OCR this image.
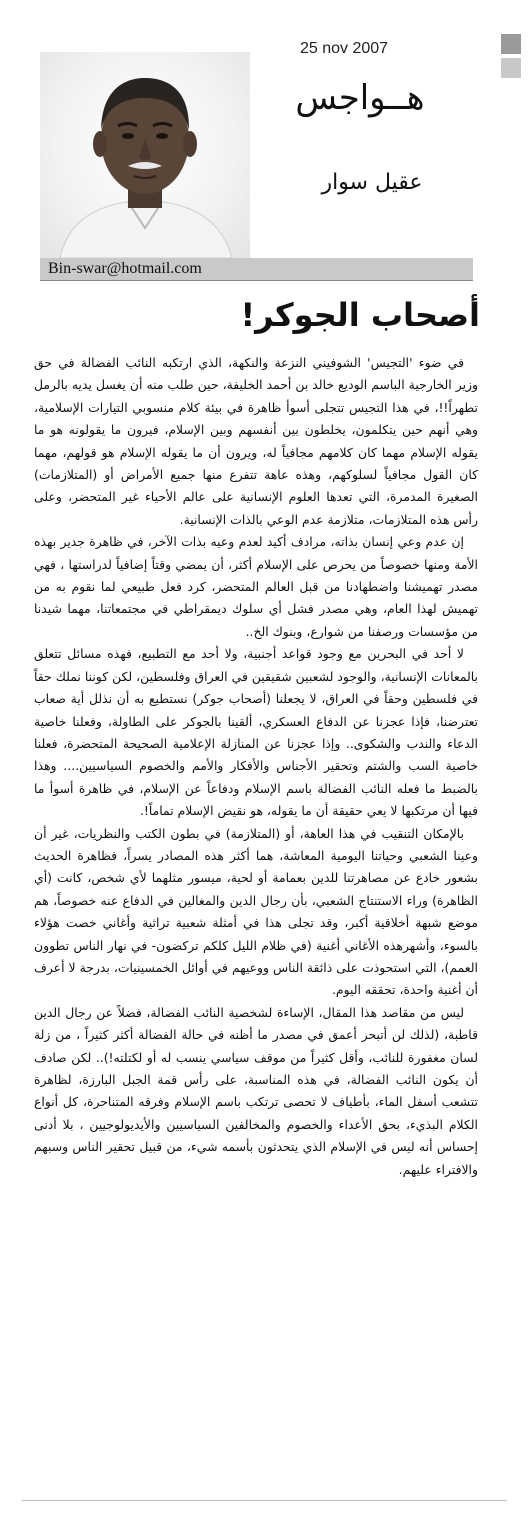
25 nov 2007
هــواجس
عقيل سوار
Bin-swar@hotmail.com
أصحاب الجوكر!

في ضوء 'التجيس' الشوفيني النزعة والنكهة، الذي ارتكبه النائب الفضالة في حق وزير الخارجية الباسم الوديع خالد بن أحمد الخليفة، حين طلب منه أن يغسل يديه بالرمل تطهراً!!، في هذا التجيس تتجلى أسوأ ظاهرة في بيئة كلام منسوبي التيارات الإسلامية، وهي أنهم حين يتكلمون، يخلطون بين أنفسهم وبين الإسلام، فيرون ما يقولونه هو ما يقوله الإسلام مهما كان كلامهم مجافياً له، ويرون أن ما يقوله الإسلام هو قولهم، مهما كان القول مجافياً لسلوكهم، وهذه عاهة تتفرع منها جميع الأمراض أو (المتلازمات) الصغيرة المدمرة، التي تعدها العلوم الإنسانية على عالم الأحياء غير المتحضر، وعلى رأس هذه المتلازمات، متلازمة عدم الوعي بالذات الإنسانية.

إن عدم وعي إنسان بذاته، مرادف أكيد لعدم وعيه بذات الآخر، في ظاهرة جدير بهذه الأمة ومنها خصوصاً من يحرص على الإسلام أكثر، أن يمضي وقتاً إضافياً لدراستها ، فهي مصدر تهميشنا واضطهادنا من قبل العالم المتحضر، كرد فعل طبيعي لما نقوم به من تهميش لهذا العام، وهي مصدر فشل أي سلوك ديمقراطي في مجتمعاتنا، مهما شيدنا من مؤسسات ورصفنا من شوارع، وبنوك الخ..

لا أحد في البحرين مع وجود قواعد أجنبية، ولا أحد مع التطبيع، فهذه مسائل تتعلق بالمعانات الإنسانية، والوجود لشعبين شقيقين في العراق وفلسطين، لكن كوننا نملك حقاً في فلسطين وحقاً في العراق، لا يجعلنا (أصحاب جوكر) نستطيع به أن نذلل أية صعاب تعترضنا، فإذا عجزنا عن الدفاع العسكري، ألقينا بالجوكر على الطاولة، وفعلنا خاصية الدعاء والندب والشكوى.. وإذا عجزنا عن المنازلة الإعلامية الصحيحة المتحضرة، فعلنا خاصية السب والشتم وتحقير الأجناس والأفكار والأمم والخصوم السياسيين.... وهذا بالضبط ما فعله النائب الفضالة باسم الإسلام ودفاعاً عن الإسلام، في ظاهرة أسوأ ما فيها أن مرتكبها لا يعي حقيقة أن ما يقوله، هو نقيض الإسلام تماماً!.

بالإمكان التنقيب في هذا العاهة، أو (المتلازمة) في بطون الكتب والنظريات، غير أن وعينا الشعبي وحياتنا اليومية المعاشة، هما أكثر هذه المصادر يسراً، فظاهرة الحديث بشعور خادع عن مصاهرتنا للدين بعمامة أو لحية، ميسور مثلهما لأي شخص، كانت (أي الظاهرة) وراء الاستنتاج الشعبي، بأن رجال الدين والمغالين في الدفاع عنه خصوصاً، هم موضع شبهة أخلاقية أكبر، وقد تجلى هذا في أمثلة شعبية تراثية وأغاني خصت هؤلاء بالسوء، وأشهرهذه الأغاني أغنية (في ظلام الليل كلكم تركضون- في نهار الناس تطوون العمم)، التي استحوذت على ذائقة الناس ووعيهم في أوائل الخمسينيات، بدرجة لا أعرف أن أغنية واحدة، تحققه اليوم.

ليس من مقاصد هذا المقال، الإساءة لشخصية النائب الفضالة، فضلاً عن رجال الدين قاطبة، (لذلك لن أتبحر أعمق في مصدر ما أظنه في حالة الفضالة أكثر كثيراً ، من زلة لسان مغفورة للنائب، وأقل كثيراً من موقف سياسي ينسب له أو لكتلته!).. لكن صادف أن يكون النائب الفضالة، في هذه المناسبة، على رأس قمة الجبل البارزة، لظاهرة تتشعب أسفل الماء، بأطياف لا تحصى ترتكب باسم الإسلام وفرقه المتناحرة، كل أنواع الكلام البذيء، بحق الأعداء والخصوم والمخالفين السياسيين والأيديولوجيين ، بلا أدنى إحساس أنه ليس في الإسلام الذي يتحدثون بأسمه شيء، من قبيل تحقير الناس وسبهم والافتراء عليهم.
